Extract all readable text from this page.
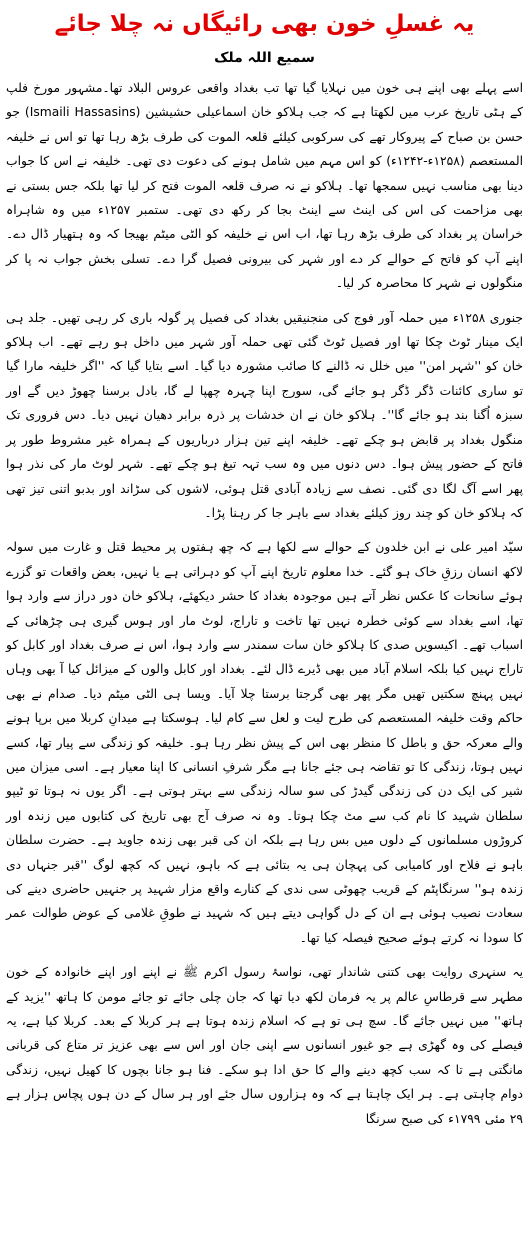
یہ غسلِ خون بھی رائیگاں نہ چلا جائے
سمیع اللہ ملک

اسے پہلے بھی اپنے ہی خون میں نہلایا گیا تھا تب بغداد واقعی عروس البلاد تھا۔مشہور مورخ فلپ کے ہٹی تاریخ عرب میں لکھتا ہے کہ جب ہلاکو خان اسماعیلی حشیشین (Ismaili Hassasins) جو حسن بن صباح کے پیروکار تھے کی سرکوبی کیلئے قلعہ الموت کی طرف بڑھ رہا تھا تو اس نے خلیفہ المستعصم (۱۲۵۸ء-۱۲۴۲ء) کو اس مہم میں شامل ہونے کی دعوت دی تھی۔ خلیفہ نے اس کا جواب دینا بھی مناسب نہیں سمجھا تھا۔ ہلاکو نے نہ صرف قلعہ الموت فتح کر لیا تھا بلکہ جس بستی نے بھی مزاحمت کی اس کی اینٹ سے اینٹ بجا کر رکھ دی تھی۔ ستمبر ۱۲۵۷ء میں وہ شاہراہ خراسان پر بغداد کی طرف بڑھ رہا تھا، اب اس نے خلیفہ کو الٹی میٹم بھیجا کہ وہ ہتھیار ڈال دے۔ اپنے آپ کو فاتح کے حوالے کر دے اور شہر کی بیرونی فصیل گرا دے۔ تسلی بخش جواب نہ پا کر منگولوں نے شہر کا محاصرہ کر لیا۔

جنوری ۱۲۵۸ء میں حملہ آور فوج کی منجنیقیں بغداد کی فصیل پر گولہ باری کر رہی تھیں۔ جلد ہی ایک مینار ٹوٹ چکا تھا اور فصیل ٹوٹ گئی تھی حملہ آور شہر میں داخل ہو رہے تھے۔ اب ہلاکو خان کو ''شہر امن'' میں خلل نہ ڈالنے کا صائب مشورہ دیا گیا۔ اسے بتایا گیا کہ ''اگر خلیفہ مارا گیا تو ساری کائنات ڈگر ڈگر ہو جائے گی، سورج اپنا چہرہ چھپا لے گا، بادل برسنا چھوڑ دیں گے اور سبزہ اُگنا بند ہو جائے گا''۔ ہلاکو خان نے ان خدشات پر ذرہ برابر دھیان نہیں دیا۔ دس فروری تک منگول بغداد پر قابض ہو چکے تھے۔ خلیفہ اپنے تین ہزار درباریوں کے ہمراہ غیر مشروط طور پر فاتح کے حضور پیش ہوا۔ دس دنوں میں وہ سب تہہ تیغ ہو چکے تھے۔ شہر لوٹ مار کی نذر ہوا پھر اسے آگ لگا دی گئی۔ نصف سے زیادہ آبادی قتل ہوئی، لاشوں کی سڑاند اور بدبو اتنی تیز تھی کہ ہلاکو خان کو چند روز کیلئے بغداد سے باہر جا کر رہنا پڑا۔

سیّد امیر علی نے ابن خلدون کے حوالے سے لکھا ہے کہ چھ ہفتوں پر محیط قتل و غارت میں سولہ لاکھ انسان رزقِ خاک ہو گئے۔ خدا معلوم تاریخ اپنے آپ کو دہراتی ہے یا نہیں، بعض واقعات تو گزرے ہوئے سانحات کا عکس نظر آتے ہیں موجودہ بغداد کا حشر دیکھئے، ہلاکو خان دور دراز سے وارد ہوا تھا، اسے بغداد سے کوئی خطرہ نہیں تھا تاخت و تاراج، لوٹ مار اور ہوس گیری ہی چڑھائی کے اسباب تھے۔ اکیسویں صدی کا ہلاکو خان سات سمندر سے وارد ہوا، اس نے صرف بغداد اور کابل کو تاراج نہیں کیا بلکہ اسلام آباد میں بھی ڈیرے ڈال لئے۔ بغداد اور کابل والوں کے میزائل کیا آ بھی وہاں نہیں پہنچ سکتیں تھیں مگر پھر بھی گرجتا برستا چلا آیا۔ ویسا ہی الٹی میٹم دیا۔ صدام نے بھی حاکم وقت خلیفہ المستعصم کی طرح لیت و لعل سے کام لیا۔ ہوسکتا ہے میدانِ کربلا میں برپا ہونے والے معرکہ حق و باطل کا منظر بھی اس کے پیش نظر رہا ہو۔ خلیفہ کو زندگی سے پیار تھا، کسے نہیں ہوتا، زندگی کا تو تقاضہ ہی جئے جانا ہے مگر شرفِ انسانی کا اپنا معیار ہے۔ اسی میزان میں شیر کی ایک دن کی زندگی گیدڑ کی سو سالہ زندگی سے بہتر ہوتی ہے۔ اگر یوں نہ ہوتا تو ٹیپو سلطان شہید کا نام کب سے مٹ چکا ہوتا۔ وہ نہ صرف آج بھی تاریخ کی کتابوں میں زندہ اور کروڑوں مسلمانوں کے دلوں میں بس رہا ہے بلکہ ان کی قبر بھی زندہ جاوید ہے۔ حضرت سلطان باہو نے فلاح اور کامیابی کی پہچان ہی یہ بتائی ہے کہ باہو، نہیں کہ کچھ لوگ ''قبر جنہاں دی زندہ ہو'' سرنگاپٹم کے قریب چھوٹی سی ندی کے کنارے واقع مزار شہید پر جنہیں حاضری دینے کی سعادت نصیب ہوئی ہے ان کے دل گواہی دیتے ہیں کہ شہید نے طوقِ غلامی کے عوض طوالت عمر کا سودا نہ کرتے ہوئے صحیح فیصلہ کیا تھا۔

یہ سنہری روایت بھی کتنی شاندار تھی، نواسۂ رسول اکرم ﷺ نے اپنے اور اپنے خانوادہ کے خون مطہر سے قرطاسِ عالم پر یہ فرمان لکھ دیا تھا کہ جان چلی جائے تو جائے مومن کا ہاتھ ''یزید کے ہاتھ'' میں نہیں جائے گا۔ سچ ہی تو ہے کہ اسلام زندہ ہوتا ہے ہر کربلا کے بعد۔ کربلا کیا ہے، یہ فیصلے کی وہ گھڑی ہے جو غیور انسانوں سے اپنی جان اور اس سے بھی عزیز تر متاع کی قربانی مانگتی ہے تا کہ سب کچھ دینے والے کا حق ادا ہو سکے۔ فنا ہو جانا بچوں کا کھیل نہیں، زندگی دوام چاہتی ہے۔ ہر ایک چاہتا ہے کہ وہ ہزاروں سال جئے اور ہر سال کے دن ہوں پچاس ہزار ہے ۲۹ مئی ۱۷۹۹ء کی صبح سرنگا
